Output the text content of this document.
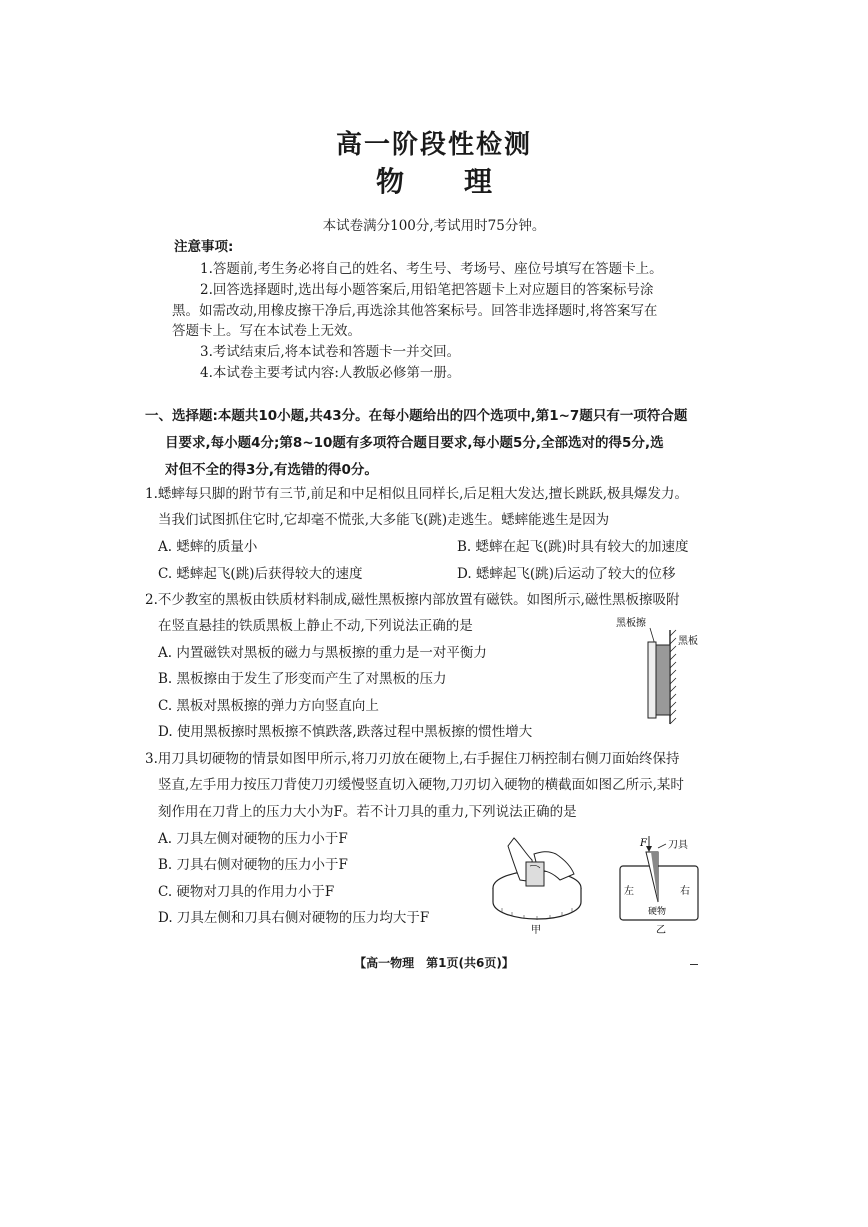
高一阶段性检测
物 理
本试卷满分100分,考试用时75分钟。
注意事项:
1.答题前,考生务必将自己的姓名、考生号、考场号、座位号填写在答题卡上。
2.回答选择题时,选出每小题答案后,用铅笔把答题卡上对应题目的答案标号涂
黑。如需改动,用橡皮擦干净后,再选涂其他答案标号。回答非选择题时,将答案写在
答题卡上。写在本试卷上无效。
3.考试结束后,将本试卷和答题卡一并交回。
4.本试卷主要考试内容:人教版必修第一册。
一、选择题:本题共10小题,共43分。在每小题给出的四个选项中,第1~7题只有一项符合题
目要求,每小题4分;第8~10题有多项符合题目要求,每小题5分,全部选对的得5分,选
对但不全的得3分,有选错的得0分。
1.蟋蟀每只脚的跗节有三节,前足和中足相似且同样长,后足粗大发达,擅长跳跃,极具爆发力。
当我们试图抓住它时,它却毫不慌张,大多能飞(跳)走逃生。蟋蟀能逃生是因为
A. 蟋蟀的质量小	B. 蟋蟀在起飞(跳)时具有较大的加速度
C. 蟋蟀起飞(跳)后获得较大的速度	D. 蟋蟀起飞(跳)后运动了较大的位移
2.不少教室的黑板由铁质材料制成,磁性黑板擦内部放置有磁铁。如图所示,磁性黑板擦吸附
在竖直悬挂的铁质黑板上静止不动,下列说法正确的是
A. 内置磁铁对黑板的磁力与黑板擦的重力是一对平衡力
B. 黑板擦由于发生了形变而产生了对黑板的压力
C. 黑板对黑板擦的弹力方向竖直向上
D. 使用黑板擦时黑板擦不慎跌落,跌落过程中黑板擦的惯性增大
黑板擦
黑板
3.用刀具切硬物的情景如图甲所示,将刀刃放在硬物上,右手握住刀柄控制右侧刀面始终保持
竖直,左手用力按压刀背使刀刃缓慢竖直切入硬物,刀刃切入硬物的横截面如图乙所示,某时
刻作用在刀背上的压力大小为F。若不计刀具的重力,下列说法正确的是
A. 刀具左侧对硬物的压力小于F
B. 刀具右侧对硬物的压力小于F
C. 硬物对刀具的作用力小于F
D. 刀具左侧和刀具右侧对硬物的压力均大于F
甲
F 刀具
左	右
硬物
乙
【高一物理　第1页(共6页)】
